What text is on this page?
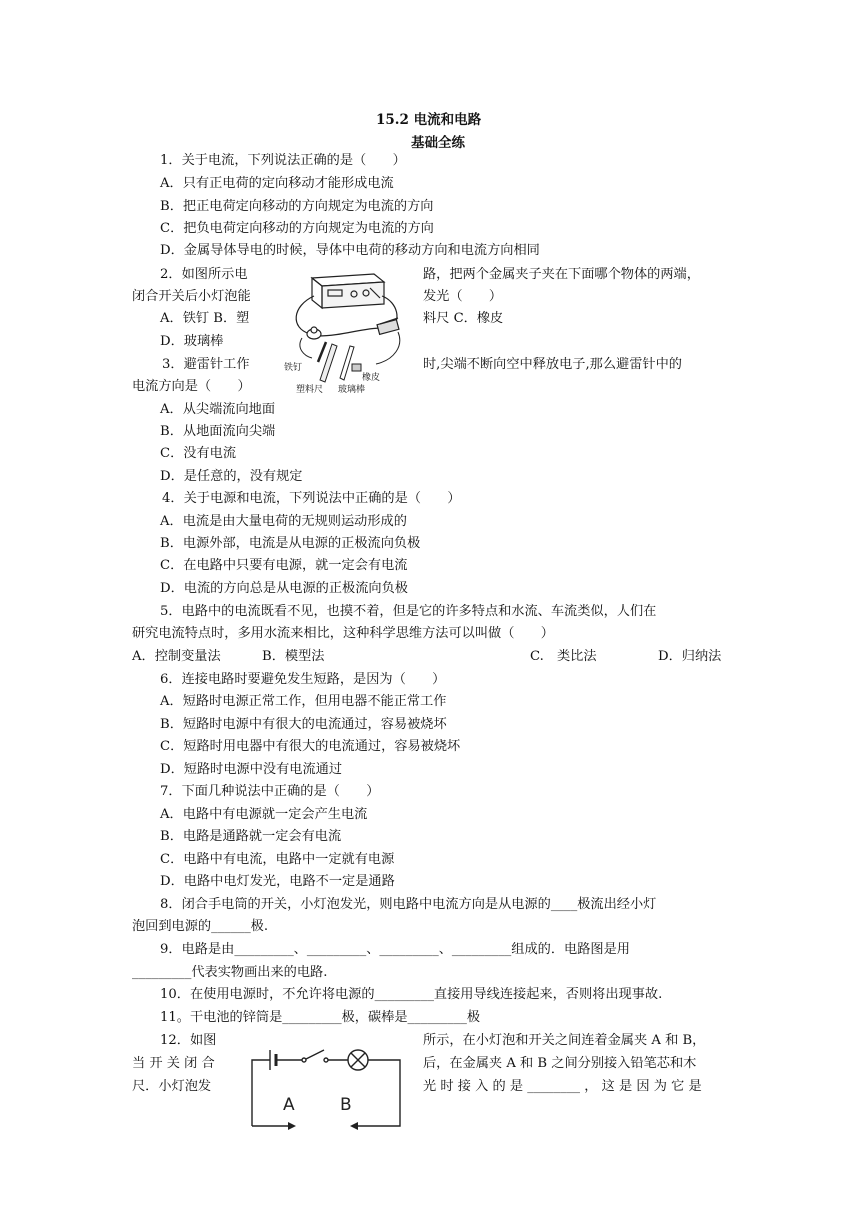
15.2 电流和电路
基础全练
1．关于电流，下列说法正确的是（　　）
A．只有正电荷的定向移动才能形成电流
B．把正电荷定向移动的方向规定为电流的方向
C．把负电荷定向移动的方向规定为电流的方向
D．金属导体导电的时候，导体中电荷的移动方向和电流方向相同
2．如图所示电	路，把两个金属夹子夹在下面哪个物体的两端，
闭合开关后小灯泡能	发光（　　）
A．铁钉 B．塑	料尺 C．橡皮
D．玻璃棒
铁钉
塑料尺 玻璃棒
橡皮
3．避雷针工作	时,尖端不断向空中释放电子,那么避雷针中的
电流方向是（　　）
A．从尖端流向地面
B．从地面流向尖端
C．没有电流
D．是任意的，没有规定
4．关于电源和电流，下列说法中正确的是（　　）
A．电流是由大量电荷的无规则运动形成的
B．电源外部，电流是从电源的正极流向负极
C．在电路中只要有电源，就一定会有电流
D．电流的方向总是从电源的正极流向负极
5．电路中的电流既看不见，也摸不着，但是它的许多特点和水流、车流类似，人们在
研究电流特点时，多用水流来相比，这种科学思维方法可以叫做（　　）
A．控制变量法	B．模型法	C.　类比法	D．归纳法
6．连接电路时要避免发生短路，是因为（　　）
A．短路时电源正常工作，但用电器不能正常工作
B．短路时电源中有很大的电流通过，容易被烧坏
C．短路时用电器中有很大的电流通过，容易被烧坏
D．短路时电源中没有电流通过
7．下面几种说法中正确的是（　　）
A．电路中有电源就一定会产生电流
B．电路是通路就一定会有电流
C．电路中有电流，电路中一定就有电源
D．电路中电灯发光，电路不一定是通路
8．闭合手电筒的开关，小灯泡发光，则电路中电流方向是从电源的____极流出经小灯
泡回到电源的______极.
9．电路是由_________、_________、_________、_________组成的．电路图是用
_________代表实物画出来的电路.
10．在使用电源时，不允许将电源的_________直接用导线连接起来，否则将出现事故.
11。干电池的锌筒是_________极，碳棒是_________极
12．如图	所示，在小灯泡和开关之间连着金属夹 A 和 B，
当 开 关 闭 合	后，在金属夹 A 和 B 之间分别接入铅笔芯和木
尺．小灯泡发	光 时 接 入 的 是 ________ ， 这 是 因 为 它 是
A	B
